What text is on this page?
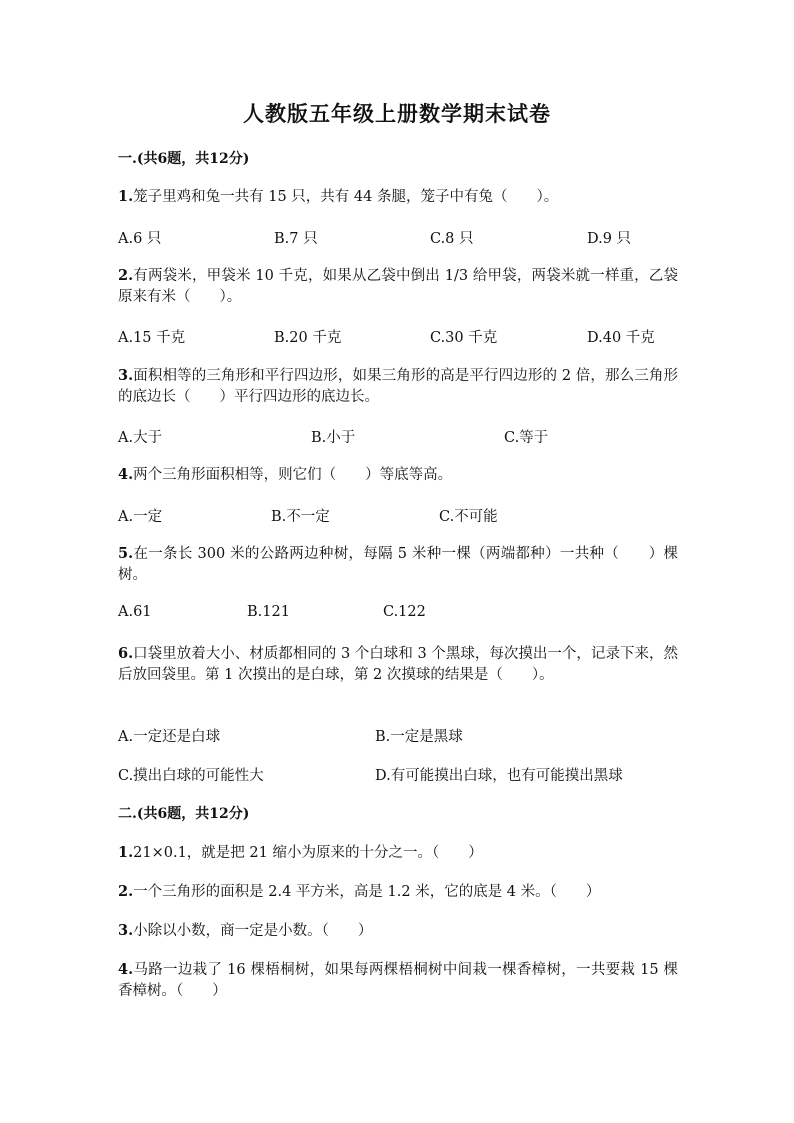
人教版五年级上册数学期末试卷
一.(共6题，共12分)
1.笼子里鸡和兔一共有 15 只，共有 44 条腿，笼子中有兔（　　）。
A.6 只	B.7 只	C.8 只	D.9 只
2.有两袋米，甲袋米 10 千克，如果从乙袋中倒出 1/3 给甲袋，两袋米就一样重，乙袋原来有米（　　）。
A.15 千克	B.20 千克	C.30 千克	D.40 千克
3.面积相等的三角形和平行四边形，如果三角形的高是平行四边形的 2 倍，那么三角形的底边长（　　）平行四边形的底边长。
A.大于	B.小于	C.等于
4.两个三角形面积相等，则它们（　　）等底等高。
A.一定	B.不一定	C.不可能
5.在一条长 300 米的公路两边种树，每隔 5 米种一棵（两端都种）一共种（　　）棵树。
A.61	B.121	C.122
6.口袋里放着大小、材质都相同的 3 个白球和 3 个黑球，每次摸出一个，记录下来，然后放回袋里。第 1 次摸出的是白球，第 2 次摸球的结果是（　　）。
A.一定还是白球	B.一定是黑球
C.摸出白球的可能性大	D.有可能摸出白球，也有可能摸出黑球
二.(共6题，共12分)
1.21×0.1，就是把 21 缩小为原来的十分之一。（　　）
2.一个三角形的面积是 2.4 平方米，高是 1.2 米，它的底是 4 米。（　　）
3.小除以小数，商一定是小数。（　　）
4.马路一边栽了 16 棵梧桐树，如果每两棵梧桐树中间栽一棵香樟树，一共要栽 15 棵香樟树。（　　）
